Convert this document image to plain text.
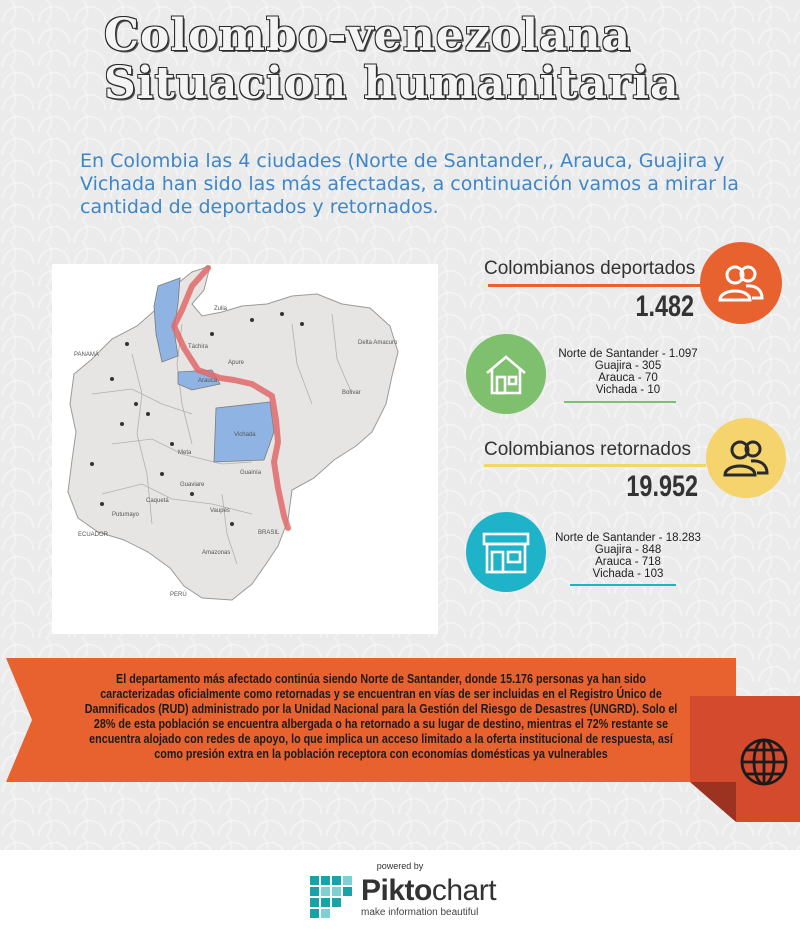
Colombo-venezolana
Situacion humanitaria

En Colombia las 4 ciudades (Norte de Santander,, Arauca, Guajira y Vichada han sido las más afectadas, a continuación vamos a mirar la cantidad de deportados y retornados.

PANAMÁ
ECUADOR	BRASIL
PERÚ
Vichada
Arauca
Guainía
Meta
Guaviare
Vaupés
Amazonas
Caquetá
Putumayo
Apure
Bolívar
Zulia
Táchira
Delta Amacuro
Colombianos deportados
1.482
Norte de Santander - 1.097
Guajira - 305
Arauca - 70
Vichada - 10
Colombianos retornados
19.952
Norte de Santander - 18.283
Guajira - 848
Arauca - 718
Vichada - 103

El departamento más afectado continúa siendo Norte de Santander, donde 15.176 personas ya han sido caracterizadas oficialmente como retornadas y se encuentran en vías de ser incluidas en el Registro Único de Damnificados (RUD) administrado por la Unidad Nacional para la Gestión del Riesgo de Desastres (UNGRD). Solo el 28% de esta población se encuentra albergada o ha retornado a su lugar de destino, mientras el 72% restante se encuentra alojado con redes de apoyo, lo que implica un acceso limitado a la oferta institucional de respuesta, así como presión extra en la población receptora con economías domésticas ya vulnerables

powered by
Piktochart
make information beautiful
